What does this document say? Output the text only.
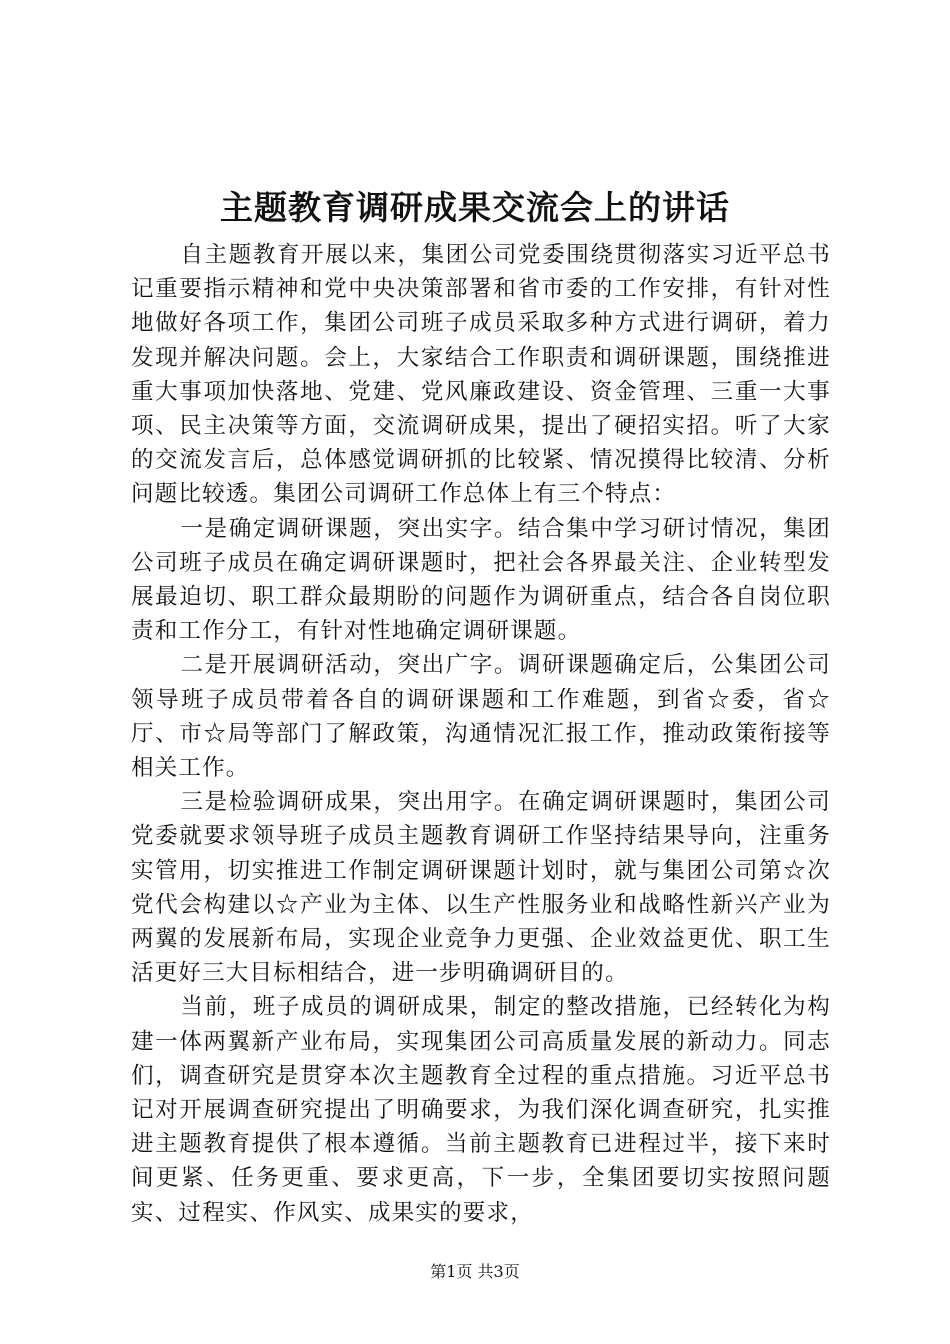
主题教育调研成果交流会上的讲话

自主题教育开展以来，集团公司党委围绕贯彻落实习近平总书记重要指示精神和党中央决策部署和省市委的工作安排，有针对性地做好各项工作，集团公司班子成员采取多种方式进行调研，着力发现并解决问题。会上，大家结合工作职责和调研课题，围绕推进重大事项加快落地、党建、党风廉政建设、资金管理、三重一大事项、民主决策等方面，交流调研成果，提出了硬招实招。听了大家的交流发言后，总体感觉调研抓的比较紧、情况摸得比较清、分析问题比较透。集团公司调研工作总体上有三个特点：

一是确定调研课题，突出实字。结合集中学习研讨情况，集团公司班子成员在确定调研课题时，把社会各界最关注、企业转型发展最迫切、职工群众最期盼的问题作为调研重点，结合各自岗位职责和工作分工，有针对性地确定调研课题。

二是开展调研活动，突出广字。调研课题确定后，公集团公司领导班子成员带着各自的调研课题和工作难题，到省☆委，省☆厅、市☆局等部门了解政策，沟通情况汇报工作，推动政策衔接等相关工作。

三是检验调研成果，突出用字。在确定调研课题时，集团公司党委就要求领导班子成员主题教育调研工作坚持结果导向，注重务实管用，切实推进工作制定调研课题计划时，就与集团公司第☆次党代会构建以☆产业为主体、以生产性服务业和战略性新兴产业为两翼的发展新布局，实现企业竞争力更强、企业效益更优、职工生活更好三大目标相结合，进一步明确调研目的。

当前，班子成员的调研成果，制定的整改措施，已经转化为构建一体两翼新产业布局，实现集团公司高质量发展的新动力。同志们，调查研究是贯穿本次主题教育全过程的重点措施。习近平总书记对开展调查研究提出了明确要求，为我们深化调查研究，扎实推进主题教育提供了根本遵循。当前主题教育已进程过半，接下来时间更紧、任务更重、要求更高，下一步，全集团要切实按照问题实、过程实、作风实、成果实的要求，

第1页 共3页
